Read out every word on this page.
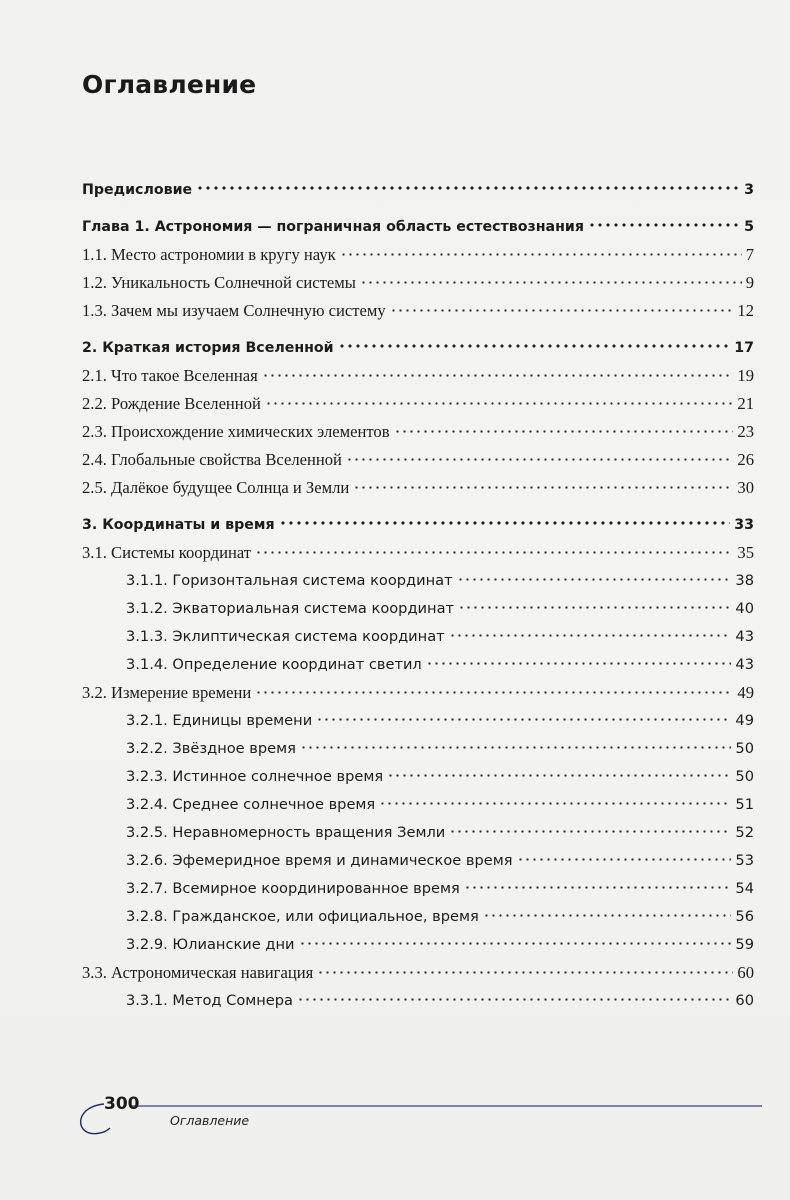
Оглавление
Предисловие	3
Глава 1. Астрономия — пограничная область естествознания	5
1.1. Место астрономии в кругу наук	7
1.2. Уникальность Солнечной системы	9
1.3. Зачем мы изучаем Солнечную систему	12
2. Краткая история Вселенной	17
2.1. Что такое Вселенная	19
2.2. Рождение Вселенной	21
2.3. Происхождение химических элементов	23
2.4. Глобальные свойства Вселенной	26
2.5. Далёкое будущее Солнца и Земли	30
3. Координаты и время	33
3.1. Системы координат	35
3.1.1. Горизонтальная система координат	38
3.1.2. Экваториальная система координат	40
3.1.3. Эклиптическая система координат	43
3.1.4. Определение координат светил	43
3.2. Измерение времени	49
3.2.1. Единицы времени	49
3.2.2. Звёздное время	50
3.2.3. Истинное солнечное время	50
3.2.4. Среднее солнечное время	51
3.2.5. Неравномерность вращения Земли	52
3.2.6. Эфемеридное время и динамическое время	53
3.2.7. Всемирное координированное время	54
3.2.8. Гражданское, или официальное, время	56
3.2.9. Юлианские дни	59
3.3. Астрономическая навигация	60
3.3.1. Метод Сомнера	60
300
Оглавление
